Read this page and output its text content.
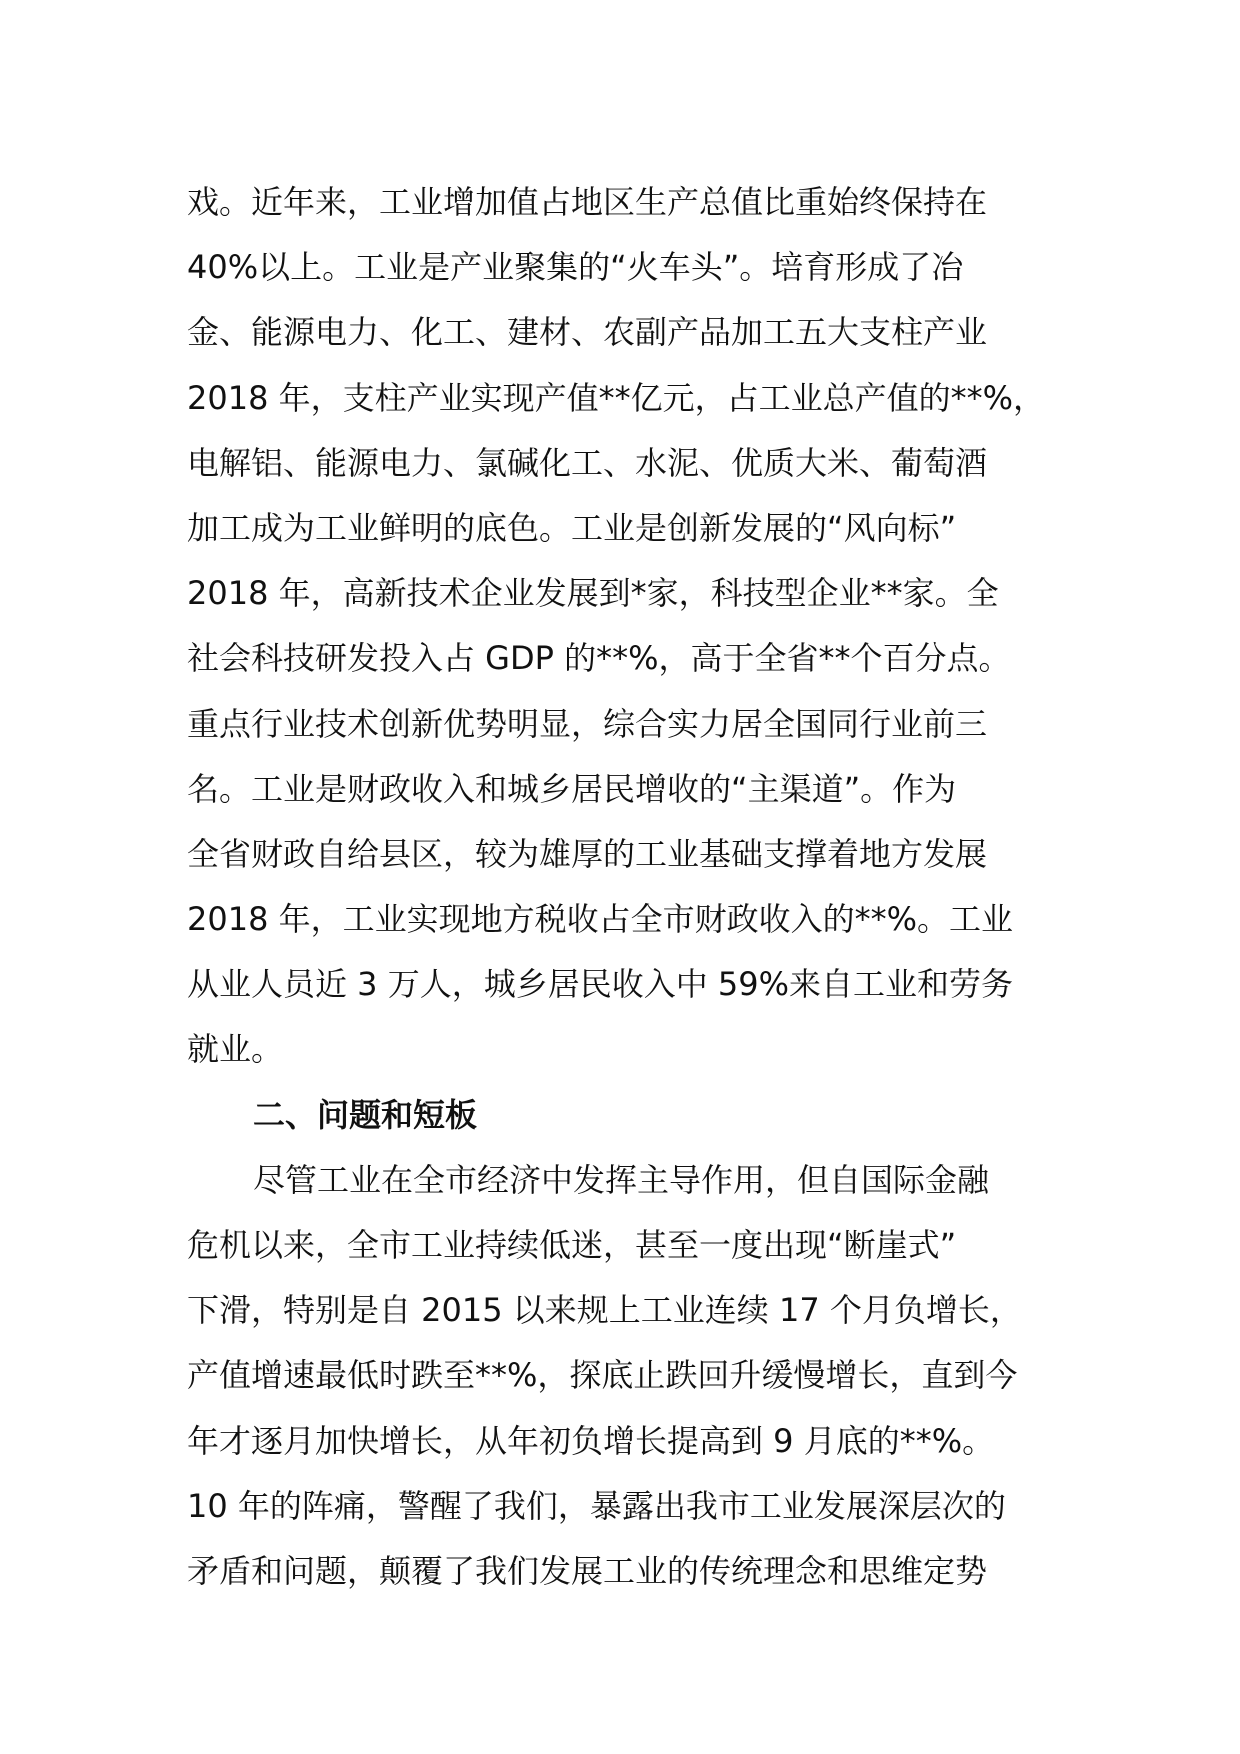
戏。近年来，工业增加值占地区生产总值比重始终保持在
40%以上。工业是产业聚集的“火车头”。培育形成了冶
金、能源电力、化工、建材、农副产品加工五大支柱产业
2018 年，支柱产业实现产值**亿元，占工业总产值的**%，
电解铝、能源电力、氯碱化工、水泥、优质大米、葡萄酒
加工成为工业鲜明的底色。工业是创新发展的“风向标”
2018 年，高新技术企业发展到*家，科技型企业**家。全
社会科技研发投入占 GDP 的**%，高于全省**个百分点。
重点行业技术创新优势明显，综合实力居全国同行业前三
名。工业是财政收入和城乡居民增收的“主渠道”。作为
全省财政自给县区，较为雄厚的工业基础支撑着地方发展
2018 年，工业实现地方税收占全市财政收入的**%。工业
从业人员近 3 万人，城乡居民收入中 59%来自工业和劳务
就业。
二、问题和短板
尽管工业在全市经济中发挥主导作用，但自国际金融
危机以来，全市工业持续低迷，甚至一度出现“断崖式”
下滑，特别是自 2015 以来规上工业连续 17 个月负增长，
产值增速最低时跌至**%，探底止跌回升缓慢增长，直到今
年才逐月加快增长，从年初负增长提高到 9 月底的**%。
10 年的阵痛，警醒了我们，暴露出我市工业发展深层次的
矛盾和问题，颠覆了我们发展工业的传统理念和思维定势
